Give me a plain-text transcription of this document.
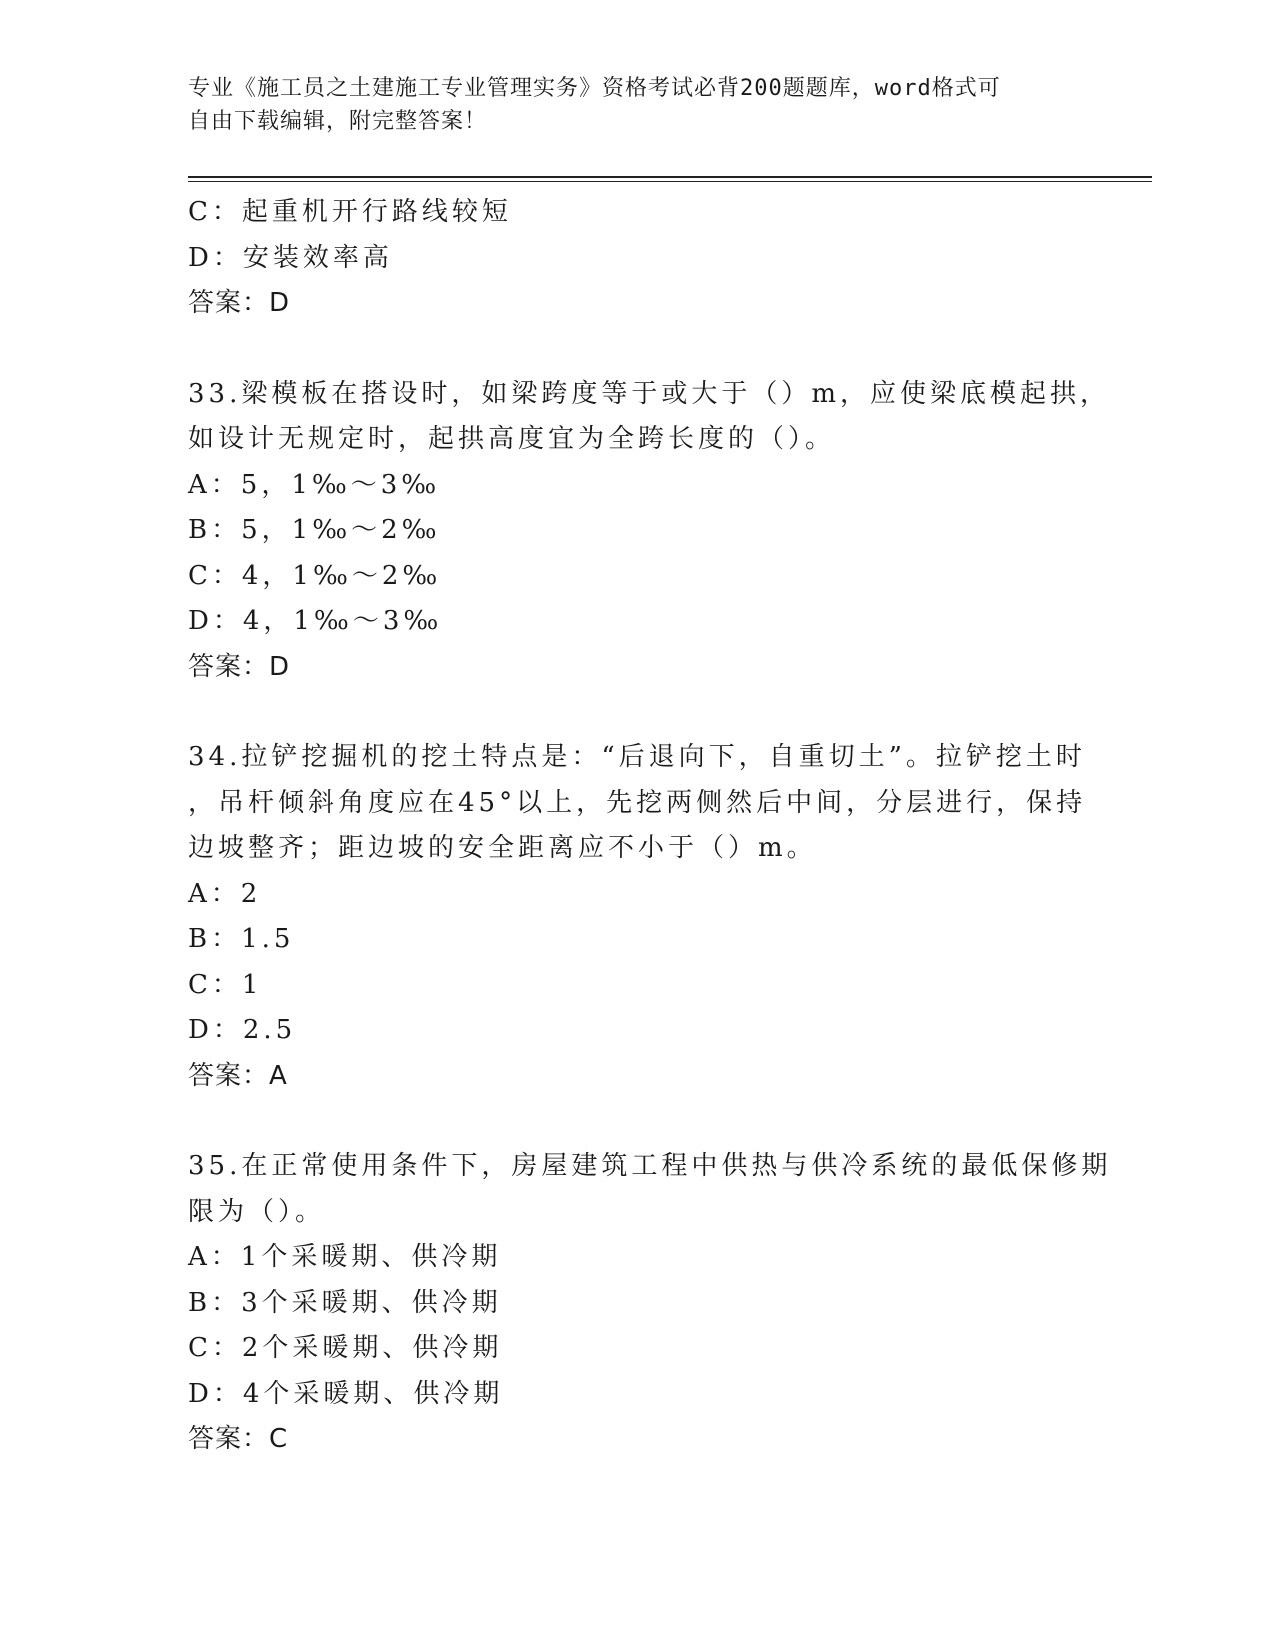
专业《施工员之土建施工专业管理实务》资格考试必背200题题库，word格式可
自由下载编辑，附完整答案！
C：起重机开行路线较短
D：安装效率高
答案：D
33.梁模板在搭设时，如梁跨度等于或大于（）m，应使梁底模起拱，
如设计无规定时，起拱高度宜为全跨长度的（）。
A：5，1‰～3‰
B：5，1‰～2‰
C：4，1‰～2‰
D：4，1‰～3‰
答案：D
34.拉铲挖掘机的挖土特点是：“后退向下，自重切土”。拉铲挖土时
，吊杆倾斜角度应在45°以上，先挖两侧然后中间，分层进行，保持
边坡整齐；距边坡的安全距离应不小于（）m。
A：2
B：1.5
C：1
D：2.5
答案：A
35.在正常使用条件下，房屋建筑工程中供热与供冷系统的最低保修期
限为（）。
A：1个采暖期、供冷期
B：3个采暖期、供冷期
C：2个采暖期、供冷期
D：4个采暖期、供冷期
答案：C
